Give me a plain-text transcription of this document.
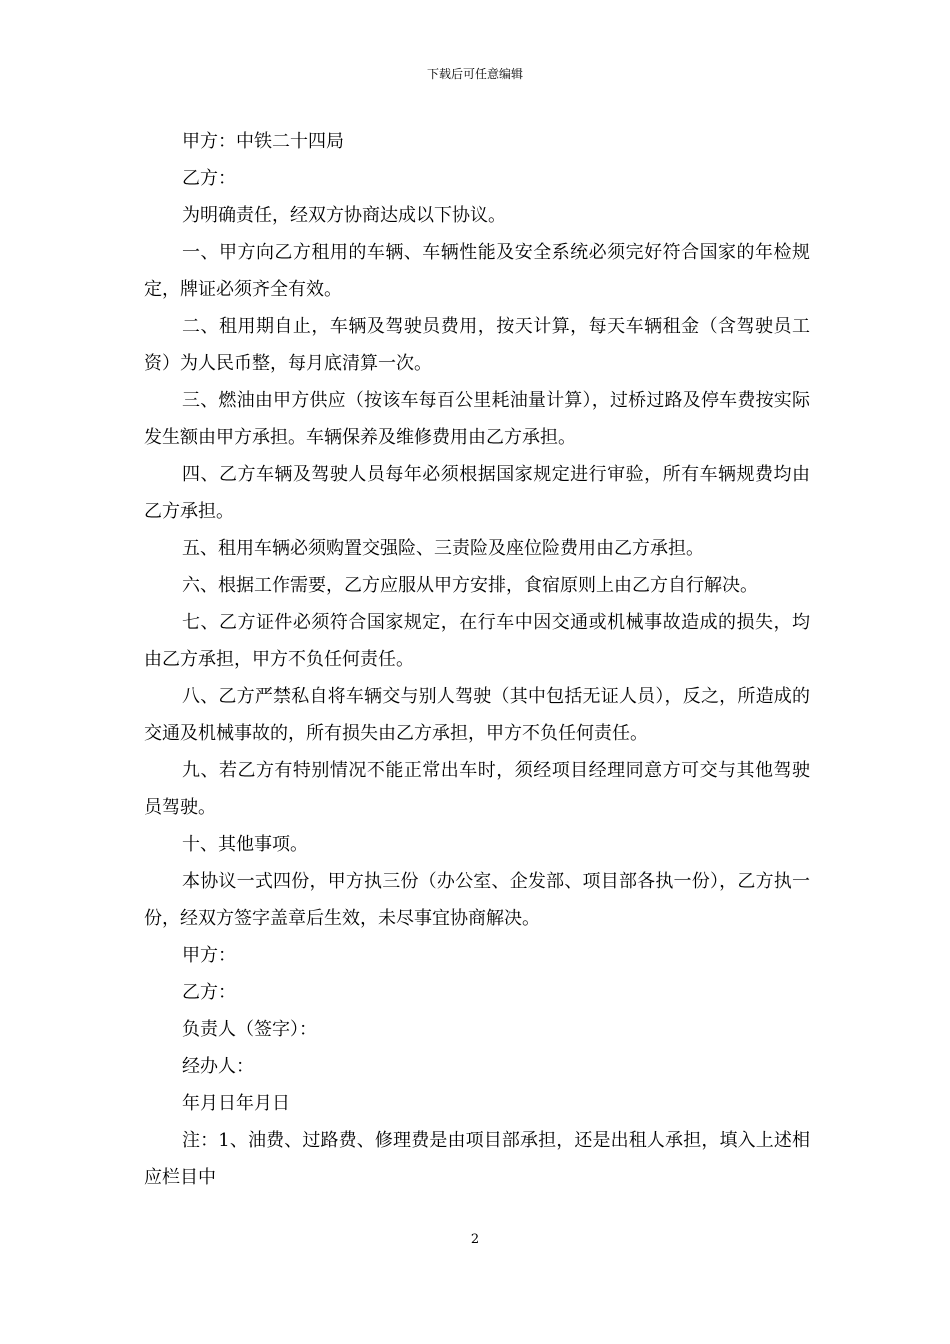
下载后可任意编辑

甲方：中铁二十四局

乙方：

为明确责任，经双方协商达成以下协议。

一、甲方向乙方租用的车辆、车辆性能及安全系统必须完好符合国家的年检规定，牌证必须齐全有效。

二、租用期自止，车辆及驾驶员费用，按天计算，每天车辆租金（含驾驶员工资）为人民币整，每月底清算一次。

三、燃油由甲方供应（按该车每百公里耗油量计算），过桥过路及停车费按实际发生额由甲方承担。车辆保养及维修费用由乙方承担。

四、乙方车辆及驾驶人员每年必须根据国家规定进行审验，所有车辆规费均由乙方承担。

五、租用车辆必须购置交强险、三责险及座位险费用由乙方承担。

六、根据工作需要，乙方应服从甲方安排，食宿原则上由乙方自行解决。

七、乙方证件必须符合国家规定，在行车中因交通或机械事故造成的损失，均由乙方承担，甲方不负任何责任。

八、乙方严禁私自将车辆交与别人驾驶（其中包括无证人员），反之，所造成的交通及机械事故的，所有损失由乙方承担，甲方不负任何责任。

九、若乙方有特别情况不能正常出车时，须经项目经理同意方可交与其他驾驶员驾驶。

十、其他事项。

本协议一式四份，甲方执三份（办公室、企发部、项目部各执一份），乙方执一份，经双方签字盖章后生效，未尽事宜协商解决。

甲方：

乙方：

负责人（签字）：

经办人：

年月日年月日

注：1、油费、过路费、修理费是由项目部承担，还是出租人承担，填入上述相应栏目中

2
